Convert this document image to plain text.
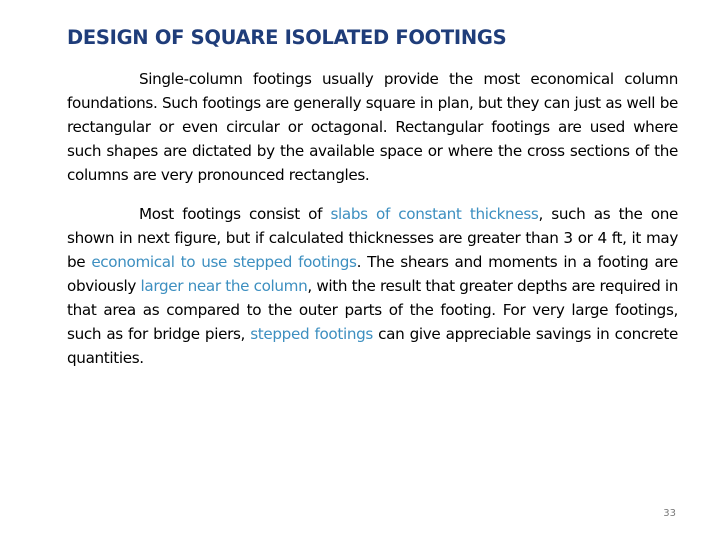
DESIGN OF SQUARE ISOLATED FOOTINGS
Single-column footings usually provide the most economical column foundations. Such footings are generally square in plan, but they can just as well be rectangular or even circular or octagonal. Rectangular footings are used where such shapes are dictated by the available space or where the cross sections of the columns are very pronounced rectangles.
Most footings consist of slabs of constant thickness, such as the one shown in next figure, but if calculated thicknesses are greater than 3 or 4 ft, it may be economical to use stepped footings. The shears and moments in a footing are obviously larger near the column, with the result that greater depths are required in that area as compared to the outer parts of the footing. For very large footings, such as for bridge piers, stepped footings can give appreciable savings in concrete quantities.
33
